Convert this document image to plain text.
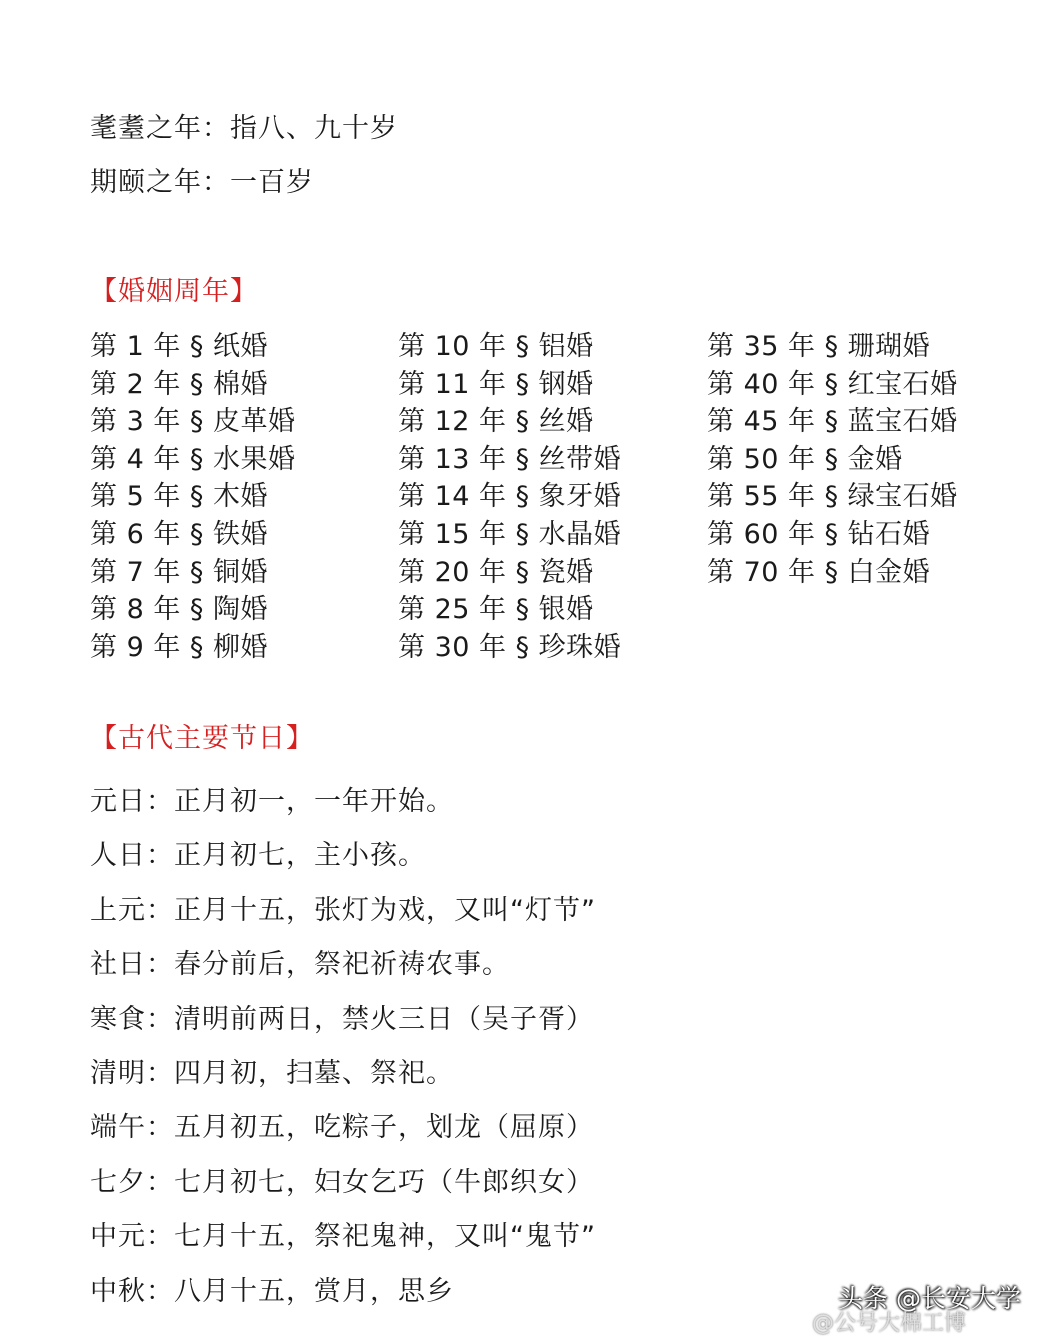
耄耋之年：指八、九十岁
期颐之年：一百岁
【婚姻周年】
第 1 年 § 纸婚
第 2 年 § 棉婚
第 3 年 § 皮革婚
第 4 年 § 水果婚
第 5 年 § 木婚
第 6 年 § 铁婚
第 7 年 § 铜婚
第 8 年 § 陶婚
第 9 年 § 柳婚
第 10 年 § 铝婚
第 11 年 § 钢婚
第 12 年 § 丝婚
第 13 年 § 丝带婚
第 14 年 § 象牙婚
第 15 年 § 水晶婚
第 20 年 § 瓷婚
第 25 年 § 银婚
第 30 年 § 珍珠婚
第 35 年 § 珊瑚婚
第 40 年 § 红宝石婚
第 45 年 § 蓝宝石婚
第 50 年 § 金婚
第 55 年 § 绿宝石婚
第 60 年 § 钻石婚
第 70 年 § 白金婚
【古代主要节日】
元日：正月初一，一年开始。
人日：正月初七，主小孩。
上元：正月十五，张灯为戏，又叫“灯节”
社日：春分前后，祭祀祈祷农事。
寒食：清明前两日，禁火三日（吴子胥）
清明：四月初，扫墓、祭祀。
端午：五月初五，吃粽子，划龙（屈原）
七夕：七月初七，妇女乞巧（牛郎织女）
中元：七月十五，祭祀鬼神，又叫“鬼节”
中秋：八月十五，赏月，思乡	头条 @长安大学
@公号大棉工博
